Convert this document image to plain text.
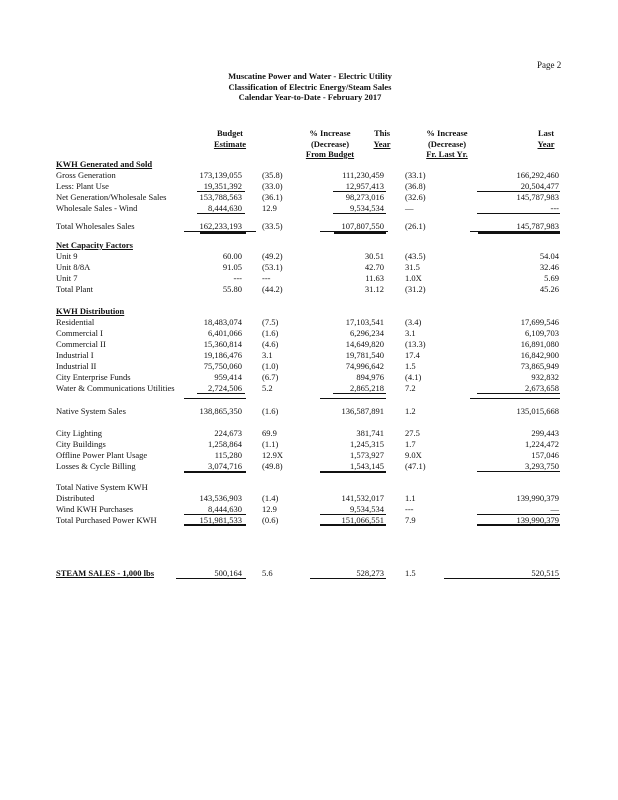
Page 2
Muscatine Power and Water - Electric Utility
Classification of Electric Energy/Steam Sales
Calendar Year-to-Date - February 2017
Budget
Estimate
% Increase
(Decrease)
From Budget
This
Year
% Increase
(Decrease)
Fr. Last Yr.
Last
Year
KWH Generated and Sold
Gross Generation	173,139,055 (35.8)	111,230,459 (33.1)	166,292,460
Less: Plant Use	19,351,392 (33.0)	12,957,413 (36.8)	20,504,477
Net Generation/Wholesale Sales	153,788,563 (36.1)	98,273,016 (32.6)	145,787,983
Wholesale Sales - Wind	8,444,630 12.9	9,534,534 —	---
Total Wholesales Sales	162,233,193 (33.5)	107,807,550 (26.1)	145,787,983
Net Capacity Factors
Unit 9	60.00 (49.2)	30.51 (43.5)	54.04
Unit 8/8A	91.05 (53.1)	42.70 31.5	32.46
Unit 7	--- ---	11.63 1.0X	5.69
Total Plant	55.80 (44.2)	31.12 (31.2)	45.26
KWH Distribution
Residential	18,483,074 (7.5)	17,103,541 (3.4)	17,699,546
Commercial I	6,401,066 (1.6)	6,296,234 3.1	6,109,703
Commercial II	15,360,814 (4.6)	14,649,820 (13.3)	16,891,080
Industrial I	19,186,476 3.1	19,781,540 17.4	16,842,900
Industrial II	75,750,060 (1.0)	74,996,642 1.5	73,865,949
City Enterprise Funds	959,414 (6.7)	894,976 (4.1)	932,832
Water & Communications Utilities	2,724,506 5.2	2,865,218 7.2	2,673,658
Native System Sales	138,865,350 (1.6)	136,587,891 1.2	135,015,668
City Lighting	224,673 69.9	381,741 27.5	299,443
City Buildings	1,258,864 (1.1)	1,245,315 1.7	1,224,472
Offline Power Plant Usage	115,280 12.9X	1,573,927 9.0X	157,046
Losses & Cycle Billing	3,074,716 (49.8)	1,543,145 (47.1)	3,293,750
Total Native System KWH
Distributed	143,536,903 (1.4)	141,532,017 1.1	139,990,379
Wind KWH Purchases	8,444,630 12.9	9,534,534 ---	—
Total Purchased Power KWH	151,981,533 (0.6)	151,066,551 7.9	139,990,379
STEAM SALES - 1,000 lbs	500,164 5.6	528,273 1.5	520,515
